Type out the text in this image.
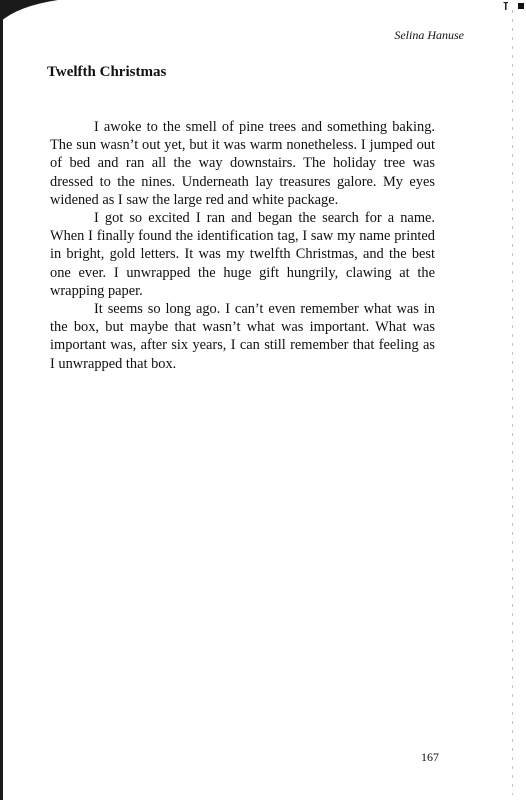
Selina Hanuse
Twelfth Christmas

I awoke to the smell of pine trees and something baking. The sun wasn’t out yet, but it was warm nonetheless. I jumped out of bed and ran all the way downstairs. The holiday tree was dressed to the nines. Underneath lay treasures galore. My eyes widened as I saw the large red and white package.

I got so excited I ran and began the search for a name. When I finally found the identification tag, I saw my name printed in bright, gold letters. It was my twelfth Christmas, and the best one ever. I unwrapped the huge gift hungrily, clawing at the wrapping paper.

It seems so long ago. I can’t even remember what was in the box, but maybe that wasn’t what was important. What was important was, after six years, I can still remember that feeling as I unwrapped that box.

167
